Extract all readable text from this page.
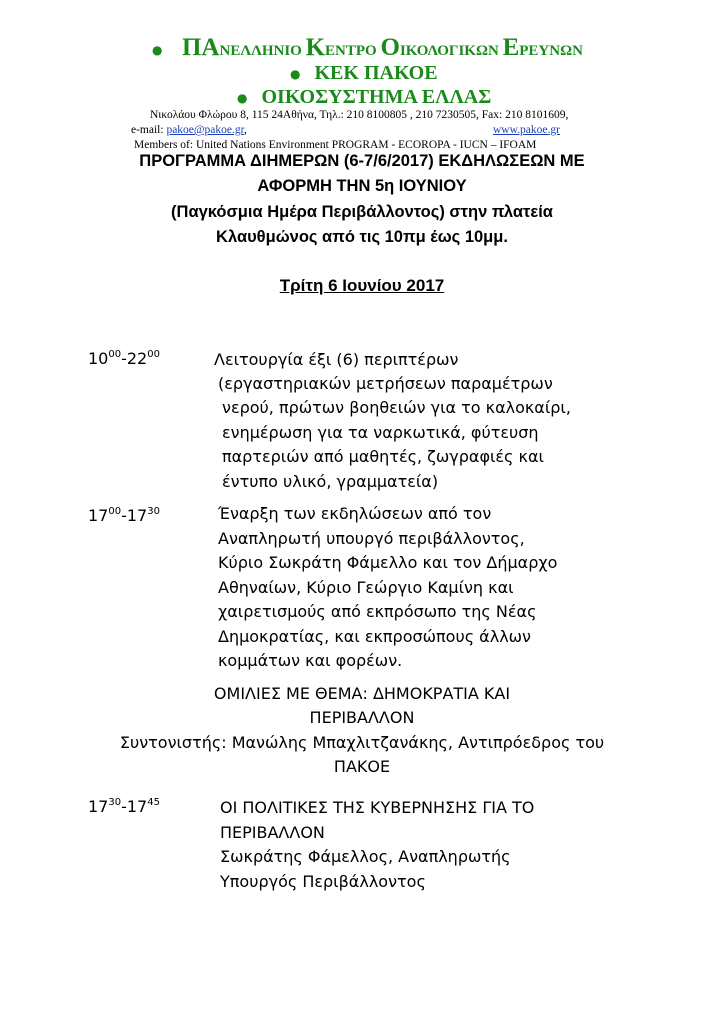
● ΠΑΝΕΛΛΗΝΙΟ ΚΕΝΤΡΟ ΟΙΚΟΛΟΓΙΚΩΝ ΕΡΕΥΝΩΝ
● ΚΕΚ ΠΑΚΟΕ
● ΟΙΚΟΣΥΣΤΗΜΑ ΕΛΛΑΣ
Νικολάου Φλώρου 8, 115 24Αθήνα, Τηλ.: 210 8100805 , 210 7230505, Fax: 210 8101609,
e-mail: pakoe@pakoe.gr,	www.pakoe.gr
Members of: United Nations Environment PROGRAM - ECOROPA - IUCN – IFOAM
ΠΡΟΓΡΑΜΜΑ ΔΙΗΜΕΡΩΝ (6-7/6/2017) ΕΚΔΗΛΩΣΕΩΝ ΜΕ
ΑΦΟΡΜΗ ΤΗΝ 5η ΙΟΥΝΙΟΥ
(Παγκόσμια Ημέρα Περιβάλλοντος) στην πλατεία
Κλαυθμώνος από τις 10πμ έως 10μμ.
Τρίτη 6 Ιουνίου 2017
$10^{00}-22^{00}$	Λειτουργία έξι (6) περιπτέρων
(εργαστηριακών μετρήσεων παραμέτρων
νερού, πρώτων βοηθειών για το καλοκαίρι,
ενημέρωση για τα ναρκωτικά, φύτευση
παρτεριών από μαθητές, ζωγραφιές και
έντυπο υλικό, γραμματεία)
$17^{00}-17^{30}$	Έναρξη των εκδηλώσεων από τον
Αναπληρωτή υπουργό περιβάλλοντος,
Κύριο Σωκράτη Φάμελλο και τον Δήμαρχο
Αθηναίων, Κύριο Γεώργιο Καμίνη και
χαιρετισμούς από εκπρόσωπο της Νέας
Δημοκρατίας, και εκπροσώπους άλλων
κομμάτων και φορέων.
ΟΜΙΛΙΕΣ ΜΕ ΘΕΜΑ: ΔΗΜΟΚΡΑΤΙΑ ΚΑΙ
ΠΕΡΙΒΑΛΛΟΝ
Συντονιστής: Μανώλης Μπαχλιτζανάκης, Αντιπρόεδρος του
ΠΑΚΟΕ
$17^{30}-17^{45}$	ΟΙ ΠΟΛΙΤΙΚΕΣ ΤΗΣ ΚΥΒΕΡΝΗΣΗΣ ΓΙΑ ΤΟ
ΠΕΡΙΒΑΛΛΟΝ
Σωκράτης Φάμελλος, Αναπληρωτής
Υπουργός Περιβάλλοντος
